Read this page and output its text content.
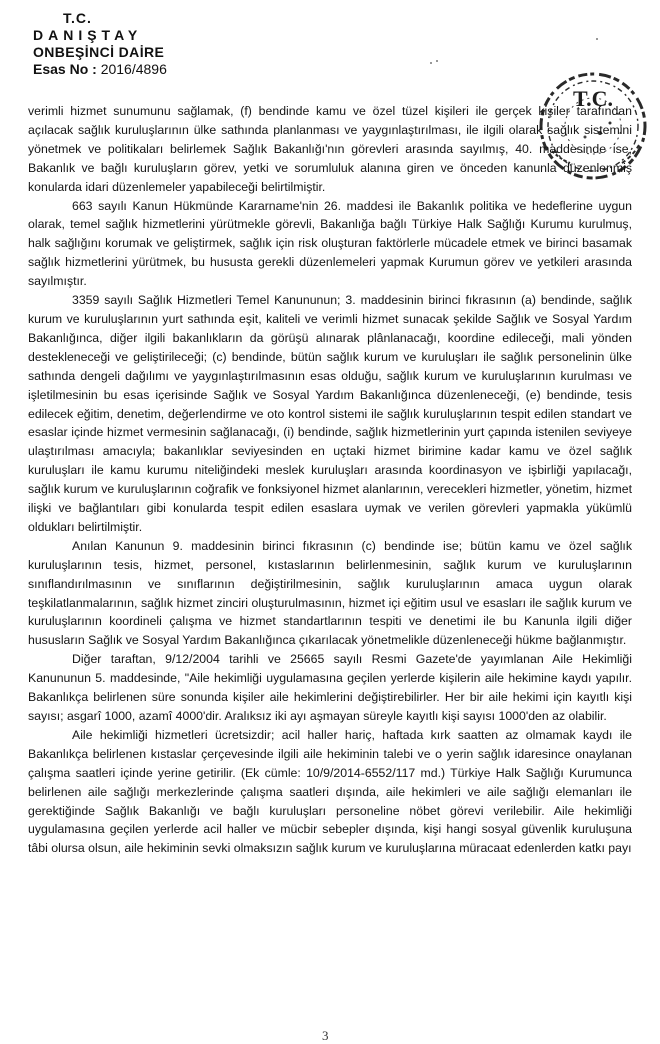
T.C.
DANIŞTAY
ONBEŞİNCİ DAİRE
Esas No : 2016/4896
T.C.

verimli hizmet sunumunu sağlamak, (f) bendinde kamu ve özel tüzel kişileri ile gerçek kişiler tarafından açılacak sağlık kuruluşlarının ülke sathında planlanması ve yaygınlaştırılması, ile ilgili olarak sağlık sistemini yönetmek ve politikaları belirlemek Sağlık Bakanlığı'nın görevleri arasında sayılmış, 40. maddesinde ise, Bakanlık ve bağlı kuruluşların görev, yetki ve sorumluluk alanına giren ve önceden kanunla düzenlenmiş konularda idari düzenlemeler yapabileceği belirtilmiştir.

663 sayılı Kanun Hükmünde Kararname'nin 26. maddesi ile Bakanlık politika ve hedeflerine uygun olarak, temel sağlık hizmetlerini yürütmekle görevli, Bakanlığa bağlı Türkiye Halk Sağlığı Kurumu kurulmuş, halk sağlığını korumak ve geliştirmek, sağlık için risk oluşturan faktörlerle mücadele etmek ve birinci basamak sağlık hizmetlerini yürütmek, bu hususta gerekli düzenlemeleri yapmak Kurumun görev ve yetkileri arasında sayılmıştır.

3359 sayılı Sağlık Hizmetleri Temel Kanununun; 3. maddesinin birinci fıkrasının (a) bendinde, sağlık kurum ve kuruluşlarının yurt sathında eşit, kaliteli ve verimli hizmet sunacak şekilde Sağlık ve Sosyal Yardım Bakanlığınca, diğer ilgili bakanlıkların da görüşü alınarak plânlanacağı, koordine edileceği, mali yönden destekleneceği ve geliştirileceği; (c) bendinde, bütün sağlık kurum ve kuruluşları ile sağlık personelinin ülke sathında dengeli dağılımı ve yaygınlaştırılmasının esas olduğu, sağlık kurum ve kuruluşlarının kurulması ve işletilmesinin bu esas içerisinde Sağlık ve Sosyal Yardım Bakanlığınca düzenleneceği, (e) bendinde, tesis edilecek eğitim, denetim, değerlendirme ve oto kontrol sistemi ile sağlık kuruluşlarının tespit edilen standart ve esaslar içinde hizmet vermesinin sağlanacağı, (i) bendinde, sağlık hizmetlerinin yurt çapında istenilen seviyeye ulaştırılması amacıyla; bakanlıklar seviyesinden en uçtaki hizmet birimine kadar kamu ve özel sağlık kuruluşları ile kamu kurumu niteliğindeki meslek kuruluşları arasında koordinasyon ve işbirliği yapılacağı, sağlık kurum ve kuruluşlarının coğrafik ve fonksiyonel hizmet alanlarının, verecekleri hizmetler, yönetim, hizmet ilişki ve bağlantıları gibi konularda tespit edilen esaslara uymak ve verilen görevleri yapmakla yükümlü oldukları belirtilmiştir.

Anılan Kanunun 9. maddesinin birinci fıkrasının (c) bendinde ise; bütün kamu ve özel sağlık kuruluşlarının tesis, hizmet, personel, kıstaslarının belirlenmesinin, sağlık kurum ve kuruluşlarının sınıflandırılmasının ve sınıflarının değiştirilmesinin, sağlık kuruluşlarının amaca uygun olarak teşkilatlanmalarının, sağlık hizmet zinciri oluşturulmasının, hizmet içi eğitim usul ve esasları ile sağlık kurum ve kuruluşlarının koordineli çalışma ve hizmet standartlarının tespiti ve denetimi ile bu Kanunla ilgili diğer hususların Sağlık ve Sosyal Yardım Bakanlığınca çıkarılacak yönetmelikle düzenleneceği hükme bağlanmıştır.

Diğer taraftan, 9/12/2004 tarihli ve 25665 sayılı Resmi Gazete'de yayımlanan Aile Hekimliği Kanununun 5. maddesinde, "Aile hekimliği uygulamasına geçilen yerlerde kişilerin aile hekimine kaydı yapılır. Bakanlıkça belirlenen süre sonunda kişiler aile hekimlerini değiştirebilirler. Her bir aile hekimi için kayıtlı kişi sayısı; asgarî 1000, azamî 4000'dir. Aralıksız iki ayı aşmayan süreyle kayıtlı kişi sayısı 1000'den az olabilir.

Aile hekimliği hizmetleri ücretsizdir; acil haller hariç, haftada kırk saatten az olmamak kaydı ile Bakanlıkça belirlenen kıstaslar çerçevesinde ilgili aile hekiminin talebi ve o yerin sağlık idaresince onaylanan çalışma saatleri içinde yerine getirilir. (Ek cümle: 10/9/2014-6552/117 md.) Türkiye Halk Sağlığı Kurumunca belirlenen aile sağlığı merkezlerinde çalışma saatleri dışında, aile hekimleri ve aile sağlığı elemanları ile gerektiğinde Sağlık Bakanlığı ve bağlı kuruluşları personeline nöbet görevi verilebilir. Aile hekimliği uygulamasına geçilen yerlerde acil haller ve mücbir sebepler dışında, kişi hangi sosyal güvenlik kuruluşuna tâbi olursa olsun, aile hekiminin sevki olmaksızın sağlık kurum ve kuruluşlarına müracaat edenlerden katkı payı

3
